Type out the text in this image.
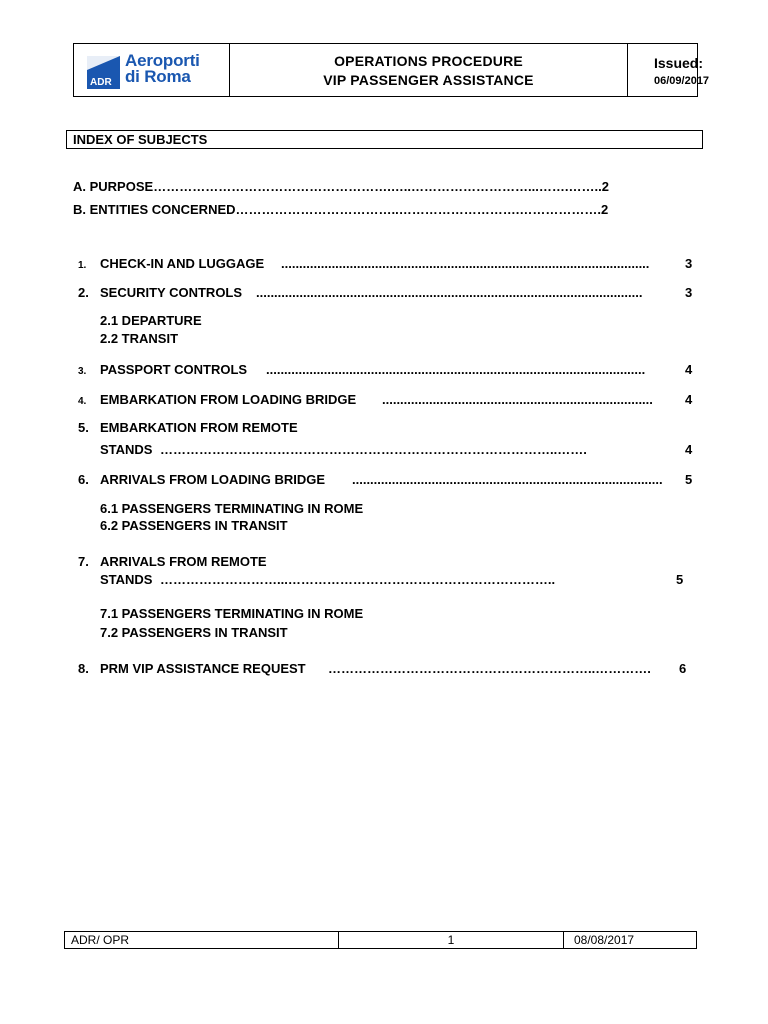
ADR
Aeroporti
di Roma
OPERATIONS PROCEDURE
VIP PASSENGER ASSISTANCE
Issued:
06/09/2017
INDEX OF SUBJECTS
A. PURPOSE……………………………………………….…..………………………...…….……..2
B. ENTITIES CONCERNED………………………………..……………………….……………….2
1. CHECK-IN AND LUGGAGE ......................................................................................................	3
2. SECURITY CONTROLS ...........................................................................................................	3
2.1 DEPARTURE
2.2 TRANSIT
3. PASSPORT CONTROLS .........................................................................................................	4
4. EMBARKATION FROM LOADING BRIDGE ...........................................................................	4
5. EMBARKATION FROM REMOTE
STANDS ………………………………………………………………………………..…….	4
6. ARRIVALS FROM LOADING BRIDGE ......................................................................................	5
6.1 PASSENGERS TERMINATING IN ROME
6.2 PASSENGERS IN TRANSIT
7. ARRIVALS FROM REMOTE
STANDS ………………………...……………………………………………………..	5
7.1 PASSENGERS TERMINATING IN ROME
7.2 PASSENGERS IN TRANSIT
8. PRM VIP ASSISTANCE REQUEST ……………………………………………………..………….	6
ADR/ OPR	1	08/08/2017
